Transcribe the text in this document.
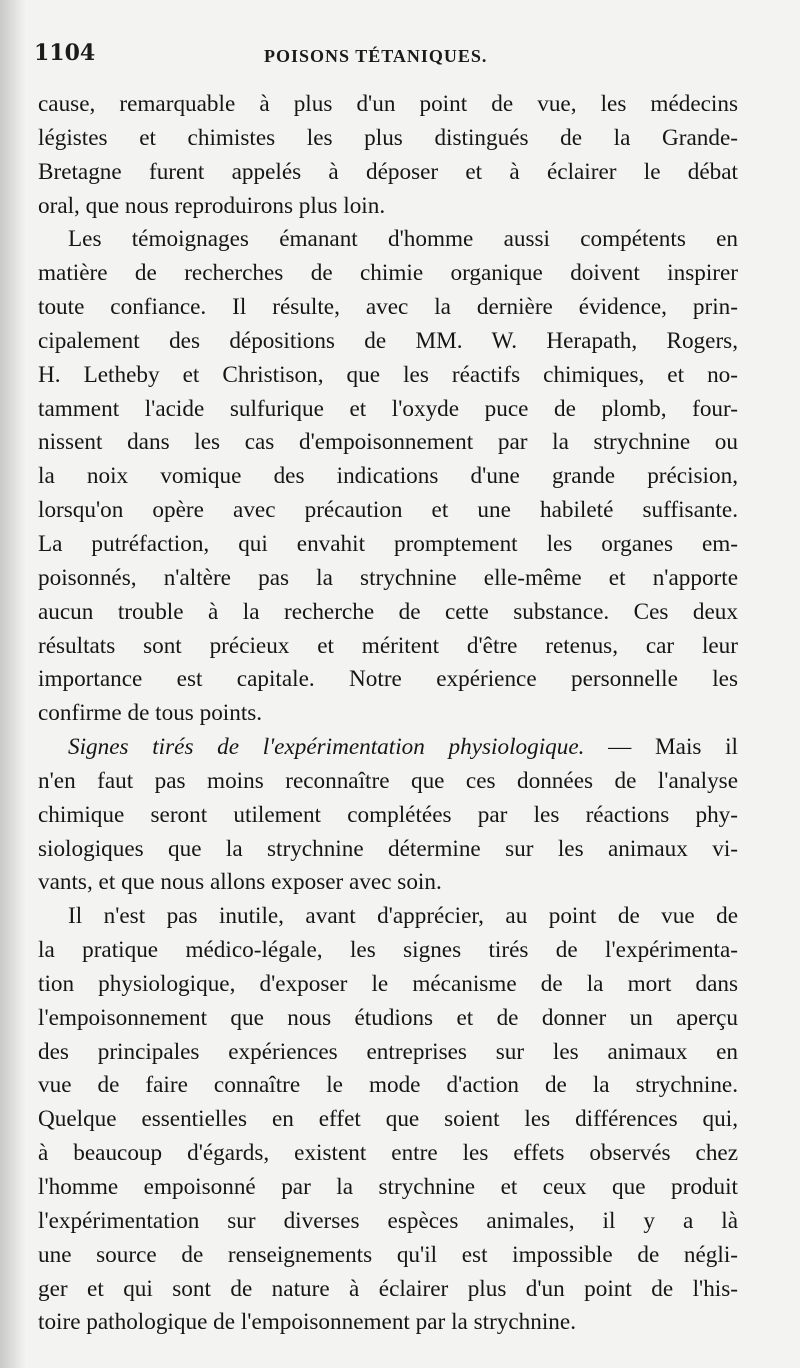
1104	POISONS TÉTANIQUES.
cause, remarquable à plus d'un point de vue, les médecins
légistes et chimistes les plus distingués de la Grande-
Bretagne furent appelés à déposer et à éclairer le débat
oral, que nous reproduirons plus loin.
Les témoignages émanant d'homme aussi compétents en
matière de recherches de chimie organique doivent inspirer
toute confiance. Il résulte, avec la dernière évidence, prin-
cipalement des dépositions de MM. W. Herapath, Rogers,
H. Letheby et Christison, que les réactifs chimiques, et no-
tamment l'acide sulfurique et l'oxyde puce de plomb, four-
nissent dans les cas d'empoisonnement par la strychnine ou
la noix vomique des indications d'une grande précision,
lorsqu'on opère avec précaution et une habileté suffisante.
La putréfaction, qui envahit promptement les organes em-
poisonnés, n'altère pas la strychnine elle-même et n'apporte
aucun trouble à la recherche de cette substance. Ces deux
résultats sont précieux et méritent d'être retenus, car leur
importance est capitale. Notre expérience personnelle les
confirme de tous points.
Signes tirés de l'expérimentation physiologique. — Mais il
n'en faut pas moins reconnaître que ces données de l'analyse
chimique seront utilement complétées par les réactions phy-
siologiques que la strychnine détermine sur les animaux vi-
vants, et que nous allons exposer avec soin.
Il n'est pas inutile, avant d'apprécier, au point de vue de
la pratique médico-légale, les signes tirés de l'expérimenta-
tion physiologique, d'exposer le mécanisme de la mort dans
l'empoisonnement que nous étudions et de donner un aperçu
des principales expériences entreprises sur les animaux en
vue de faire connaître le mode d'action de la strychnine.
Quelque essentielles en effet que soient les différences qui,
à beaucoup d'égards, existent entre les effets observés chez
l'homme empoisonné par la strychnine et ceux que produit
l'expérimentation sur diverses espèces animales, il y a là
une source de renseignements qu'il est impossible de négli-
ger et qui sont de nature à éclairer plus d'un point de l'his-
toire pathologique de l'empoisonnement par la strychnine.
